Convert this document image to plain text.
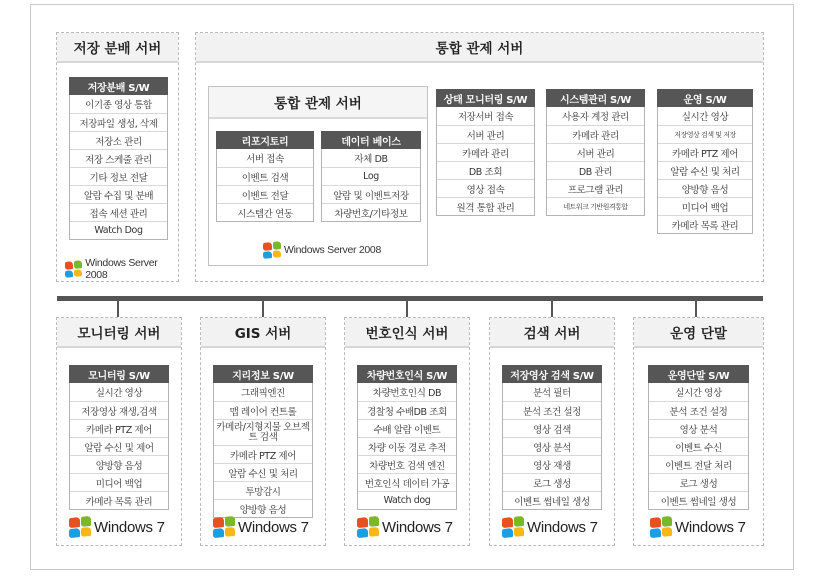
저장 분배 서버
저장분배 S/W
이기종 영상 통합
저장파일 생성, 삭제
저장소 관리
저장 스케줄 관리
기타 정보 전달
알람 수집 및 분배
접속 세션 관리
Watch Dog
Windows Server 2008
통합 관제 서버
통합 관제 서버
리포지토리
서버 접속
이벤트 검색
이벤트 전달
시스템간 연동
데이터 베이스
자체 DB
Log
알람 및 이벤트저장
차량번호/기타정보
Windows Server 2008
상태 모니터링 S/W
저장서버 접속
서버 관리
카메라 관리
DB 조회
영상 접속
원격 통합 관리
시스템관리 S/W
사용자 계정 관리
카메라 관리
서버 관리
DB 관리
프로그램 관리
네트워크 기반원격통합
운영 S/W
실시간 영상
저장영상 검색 및 저장
카메라 PTZ 제어
알람 수신 및 처리
양방향 음성
미디어 백업
카메라 목록 관리
모니터링 서버
모니터링 S/W
실시간 영상
저장영상 재생,검색
카메라 PTZ 제어
알람 수신 및 제어
양방향 음성
미디어 백업
카메라 목록 관리
Windows 7
GIS 서버
지리정보 S/W
그래픽엔진
맵 레이어 컨트롤
카메라/지형지물 오브젝트 검색
카메라 PTZ 제어
알람 수신 및 처리
투망감시
양방향 음성
Windows 7
번호인식 서버
차량번호인식 S/W
차량번호인식 DB
경찰청 수배DB 조회
수배 알람 이벤트
차량 이동 경로 추적
차량번호 검색 엔진
번호인식 데이터 가공
Watch dog
Windows 7
검색 서버
저장영상 검색 S/W
분석 필터
분석 조건 설정
영상 검색
영상 분석
영상 재생
로그 생성
이벤트 썸네일 생성
Windows 7
운영 단말
운영단말 S/W
실시간 영상
분석 조건 설정
영상 분석
이벤트 수신
이벤트 전달 처리
로그 생성
이벤트 썸네일 생성
Windows 7
